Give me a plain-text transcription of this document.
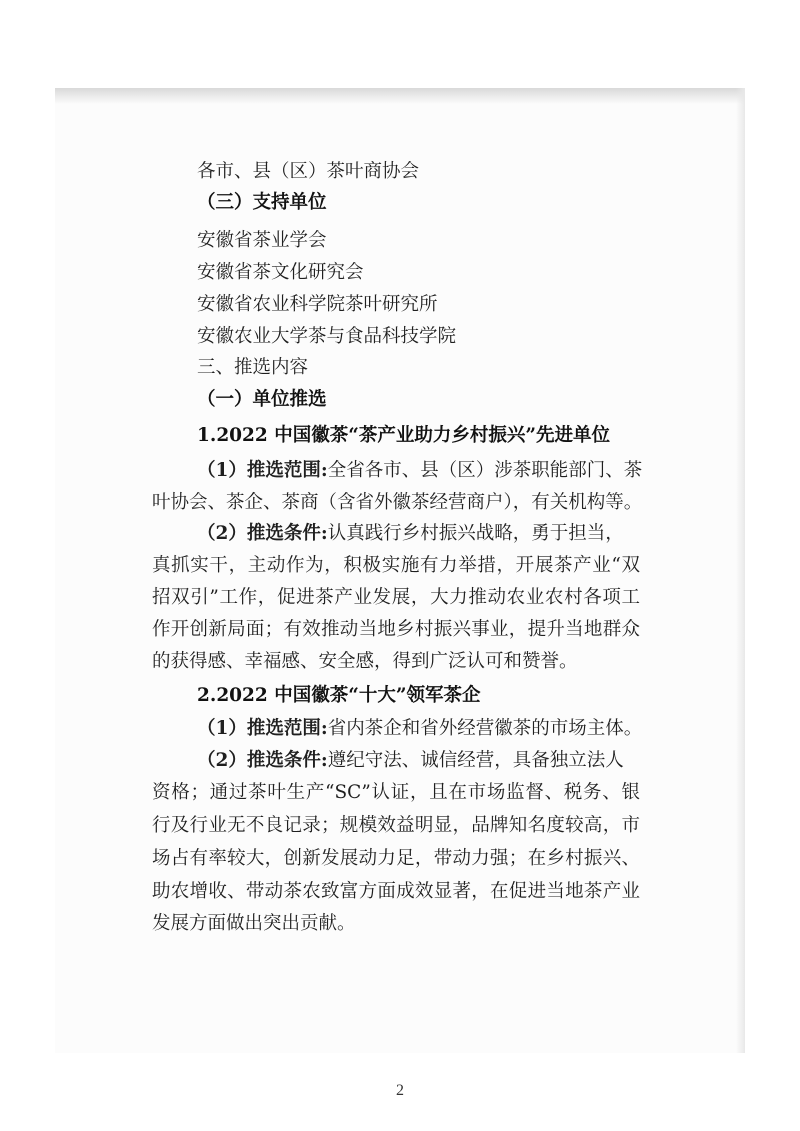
各市、县（区）茶叶商协会
（三）支持单位
安徽省茶业学会
安徽省茶文化研究会
安徽省农业科学院茶叶研究所
安徽农业大学茶与食品科技学院
三、推选内容
（一）单位推选
1.2022 中国徽茶“茶产业助力乡村振兴”先进单位
（1）推选范围:全省各市、县（区）涉茶职能部门、茶
叶协会、茶企、茶商（含省外徽茶经营商户），有关机构等。
（2）推选条件:认真践行乡村振兴战略，勇于担当，
真抓实干，主动作为，积极实施有力举措，开展茶产业“双
招双引”工作，促进茶产业发展，大力推动农业农村各项工
作开创新局面；有效推动当地乡村振兴事业，提升当地群众
的获得感、幸福感、安全感，得到广泛认可和赞誉。
2.2022 中国徽茶“十大”领军茶企
（1）推选范围:省内茶企和省外经营徽茶的市场主体。
（2）推选条件:遵纪守法、诚信经营，具备独立法人
资格；通过茶叶生产“SC”认证，且在市场监督、税务、银
行及行业无不良记录；规模效益明显，品牌知名度较高，市
场占有率较大，创新发展动力足，带动力强；在乡村振兴、
助农增收、带动茶农致富方面成效显著，在促进当地茶产业
发展方面做出突出贡献。
2
